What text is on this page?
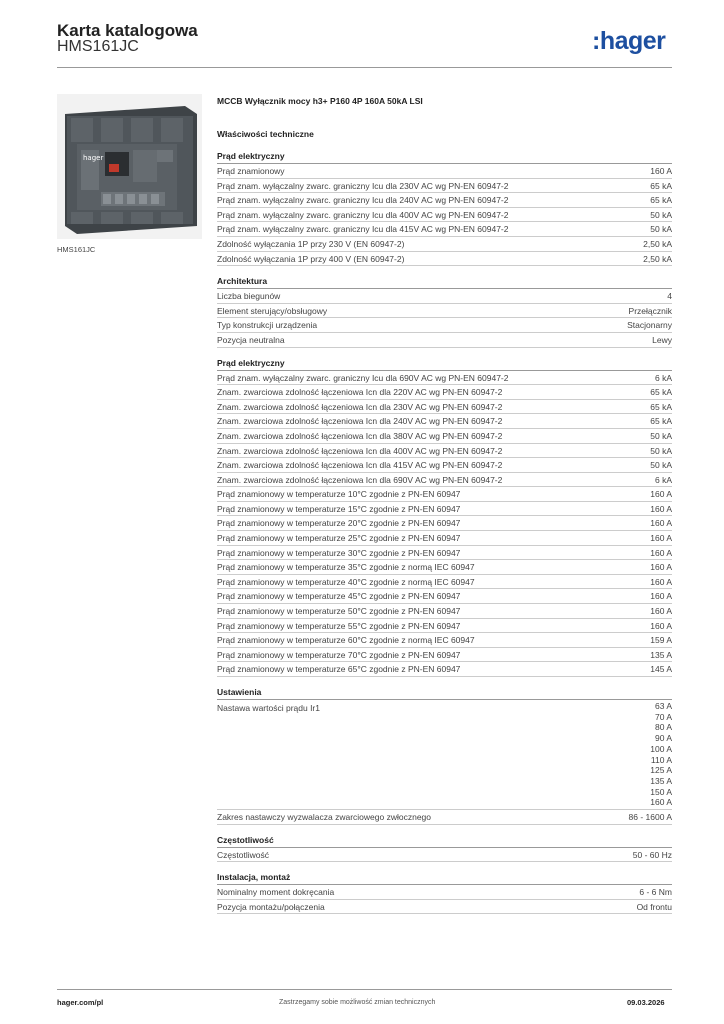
Karta katalogowa
HMS161JC	:hager
hager
HMS161JC
MCCB Wyłącznik mocy h3+ P160 4P 160A 50kA LSI
Właściwości techniczne
Prąd elektryczny
Prąd znamionowy	160 A
Prąd znam. wyłączalny zwarc. graniczny Icu dla 230V AC wg PN-EN 60947-2	65 kA
Prąd znam. wyłączalny zwarc. graniczny Icu dla 240V AC wg PN-EN 60947-2	65 kA
Prąd znam. wyłączalny zwarc. graniczny Icu dla 400V AC wg PN-EN 60947-2	50 kA
Prąd znam. wyłączalny zwarc. graniczny Icu dla 415V AC wg PN-EN 60947-2	50 kA
Zdolność wyłączania 1P przy 230 V (EN 60947-2)	2,50 kA
Zdolność wyłączania 1P przy 400 V (EN 60947-2)	2,50 kA
Architektura
Liczba biegunów	4
Element sterujący/obsługowy	Przełącznik
Typ konstrukcji urządzenia	Stacjonarny
Pozycja neutralna	Lewy
Prąd elektryczny
Prąd znam. wyłączalny zwarc. graniczny Icu dla 690V AC wg PN-EN 60947-2	6 kA
Znam. zwarciowa zdolność łączeniowa Icn dla 220V AC wg PN-EN 60947-2	65 kA
Znam. zwarciowa zdolność łączeniowa Icn dla 230V AC wg PN-EN 60947-2	65 kA
Znam. zwarciowa zdolność łączeniowa Icn dla 240V AC wg PN-EN 60947-2	65 kA
Znam. zwarciowa zdolność łączeniowa Icn dla 380V AC wg PN-EN 60947-2	50 kA
Znam. zwarciowa zdolność łączeniowa Icn dla 400V AC wg PN-EN 60947-2	50 kA
Znam. zwarciowa zdolność łączeniowa Icn dla 415V AC wg PN-EN 60947-2	50 kA
Znam. zwarciowa zdolność łączeniowa Icn dla 690V AC wg PN-EN 60947-2	6 kA
Prąd znamionowy w temperaturze 10°C zgodnie z PN-EN 60947	160 A
Prąd znamionowy w temperaturze 15°C zgodnie z PN-EN 60947	160 A
Prąd znamionowy w temperaturze 20°C zgodnie z PN-EN 60947	160 A
Prąd znamionowy w temperaturze 25°C zgodnie z PN-EN 60947	160 A
Prąd znamionowy w temperaturze 30°C zgodnie z PN-EN 60947	160 A
Prąd znamionowy w temperaturze 35°C zgodnie z normą IEC 60947	160 A
Prąd znamionowy w temperaturze 40°C zgodnie z normą IEC 60947	160 A
Prąd znamionowy w temperaturze 45°C zgodnie z PN-EN 60947	160 A
Prąd znamionowy w temperaturze 50°C zgodnie z PN-EN 60947	160 A
Prąd znamionowy w temperaturze 55°C zgodnie z PN-EN 60947	160 A
Prąd znamionowy w temperaturze 60°C zgodnie z normą IEC 60947	159 A
Prąd znamionowy w temperaturze 70°C zgodnie z PN-EN 60947	135 A
Prąd znamionowy w temperaturze 65°C zgodnie z PN-EN 60947	145 A
Ustawienia
Nastawa wartości prądu Ir1	63 A
70 A
80 A
90 A
100 A
110 A
125 A
135 A
150 A
160 A
Zakres nastawczy wyzwalacza zwarciowego zwłocznego	86 - 1600 A
Częstotliwość
Częstotliwość	50 - 60 Hz
Instalacja, montaż
Nominalny moment dokręcania	6 - 6 Nm
Pozycja montażu/połączenia	Od frontu
hager.com/pl	Zastrzegamy sobie możliwość zmian technicznych	09.03.2026
